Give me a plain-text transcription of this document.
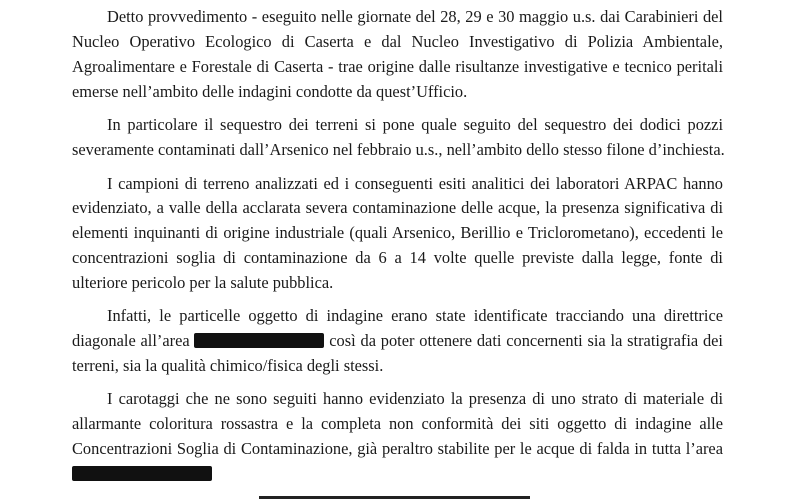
Detto provvedimento - eseguito nelle giornate del 28, 29 e 30 maggio u.s. dai Carabinieri del
Nucleo Operativo Ecologico di Caserta e dal Nucleo Investigativo di Polizia Ambientale,
Agroalimentare e Forestale di Caserta - trae origine dalle risultanze investigative e tecnico peritali
emerse nell’ambito delle indagini condotte da quest’Ufficio.
In particolare il sequestro dei terreni si pone quale seguito del sequestro dei dodici pozzi
severamente contaminati dall’Arsenico nel febbraio u.s., nell’ambito dello stesso filone d’inchiesta.
I campioni di terreno analizzati ed i conseguenti esiti analitici dei laboratori ARPAC hanno
evidenziato, a valle della acclarata severa contaminazione delle acque, la presenza significativa di
elementi inquinanti di origine industriale (quali Arsenico, Berillio e Triclorometano), eccedenti le
concentrazioni soglia di contaminazione da 6 a 14 volte quelle previste dalla legge, fonte di
ulteriore pericolo per la salute pubblica.
Infatti, le particelle oggetto di indagine erano state identificate tracciando una direttrice
diagonale all’area	così da poter ottenere dati concernenti sia la stratigrafia dei
terreni, sia la qualità chimico/fisica degli stessi.
I carotaggi che ne sono seguiti hanno evidenziato la presenza di uno strato di materiale di
allarmante coloritura rossastra e la completa non conformità dei siti oggetto di indagine alle
Concentrazioni Soglia di Contaminazione, già peraltro stabilite per le acque di falda in tutta l’area
